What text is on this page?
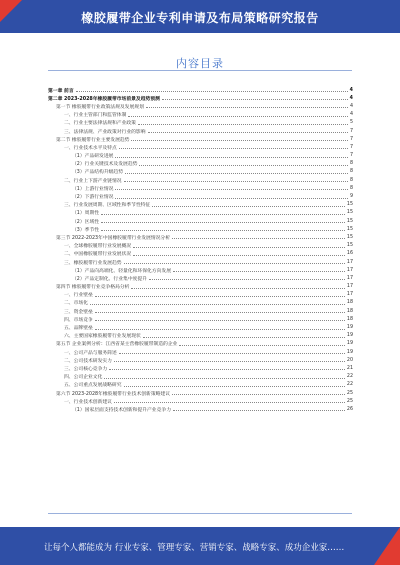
橡胶履带企业专利申请及布局策略研究报告
内容目录
第一章 前言	4
第二章 2023-2028年橡胶履带市场前景及趋势预测	4
第一节 橡胶履带行业政策法规及发展规划	4
一、行业主管部门和监管体制	4
二、行业主要法律法规和产业政策	5
三、法律法规、产业政策对行业的影响	7
第二节 橡胶履带行业主要发展趋势	7
一、行业技术水平及特点	7
（1）产品研发进展	7
（2）行业关键技术及发展趋势	8
（3）产品结构升级趋势	8
二、行业上下游产业链情况	8
（1）上游行业情况	8
（2）下游行业情况	9
三、行业发展周期、区域性和季节性特征	15
（1）周期性	15
（2）区域性	15
（3）季节性	15
第三节 2022-2023年中国橡胶履带行业发展情况分析	15
一、全球橡胶履带行业发展概况	15
二、中国橡胶履带行业发展状况	16
三、橡胶履带行业发展趋势	17
（1）产品向高端化、轻量化和环保化方向发展	17
（2）产品定制化、行业集中度提升	17
第四节 橡胶履带行业竞争格局分析	17
一、行业壁垒	17
二、市场化	18
三、资金壁垒	18
四、市场竞争	18
五、品牌壁垒	19
六、主要国家橡胶履带行业发展现状	19
第五节 企业案例分析：江西省某主营橡胶履带制造的企业	19
一、公司产品与服务简述	19
二、公司技术研发实力	20
三、公司核心竞争力	21
四、公司企业文化	22
五、公司重点发展战略研究	22
第六节 2023-2028年橡胶履带行业技术创新策略建议	25
一、行业技术创新建议	25
（1）国家层面支持技术创新和提升产业竞争力	26
让每个人都能成为 行业专家、管理专家、营销专家、战略专家、成功企业家……
